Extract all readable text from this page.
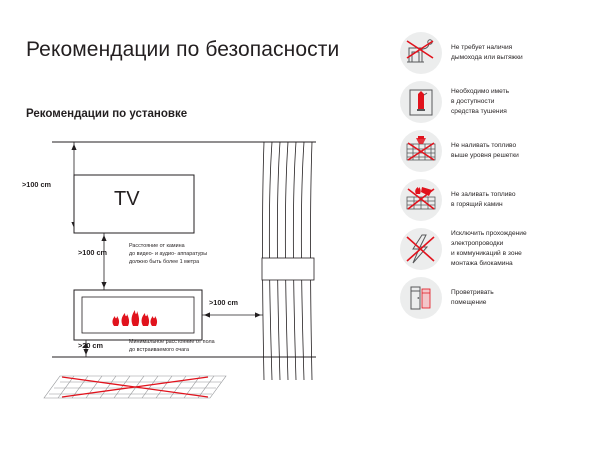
Рекомендации по безопасности
Рекомендации по установке
TV
>100 cm
>100 cm
>100 cm
>20 cm
Расстояние от камина
до видео- и аудио- аппаратуры
должно быть более 1 метра
Минимальное расстояние от пола
до встраиваемого очага
Не требует наличия
дымохода или вытяжки
Необходимо иметь
в доступности
средства тушения
Не наливать топливо
выше уровня решетки
Не заливать топливо
в горящий камин
Исключить прохождение
электропроводки
и коммуникаций в зоне
монтажа биокамина
Проветривать
помещение
